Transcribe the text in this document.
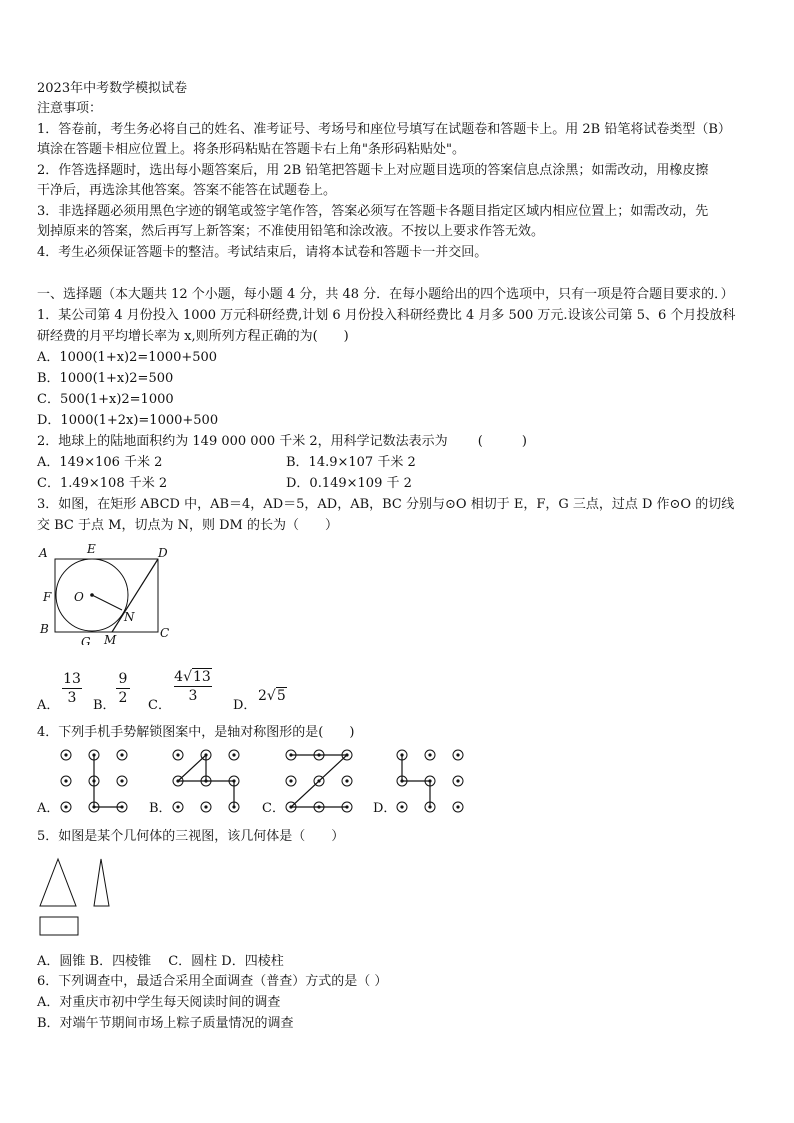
2023年中考数学模拟试卷
注意事项：
1．答卷前，考生务必将自己的姓名、准考证号、考场号和座位号填写在试题卷和答题卡上。用 2B 铅笔将试卷类型（B）
填涂在答题卡相应位置上。将条形码粘贴在答题卡右上角"条形码粘贴处"。
2．作答选择题时，选出每小题答案后，用 2B 铅笔把答题卡上对应题目选项的答案信息点涂黑；如需改动，用橡皮擦
干净后，再选涂其他答案。答案不能答在试题卷上。
3．非选择题必须用黑色字迹的钢笔或签字笔作答，答案必须写在答题卡各题目指定区域内相应位置上；如需改动，先
划掉原来的答案，然后再写上新答案；不准使用铅笔和涂改液。不按以上要求作答无效。
4．考生必须保证答题卡的整洁。考试结束后，请将本试卷和答题卡一并交回。
一、选择题（本大题共 12 个小题，每小题 4 分，共 48 分．在每小题给出的四个选项中，只有一项是符合题目要求的．）
1．某公司第 4 月份投入 1000 万元科研经费,计划 6 月份投入科研经费比 4 月多 500 万元.设该公司第 5、6 个月投放科
研经费的月平均增长率为 x,则所列方程正确的为(　　)
A．1000(1+x)2=1000+500
B．1000(1+x)2=500
C．500(1+x)2=1000
D．1000(1+2x)=1000+500
2．地球上的陆地面积约为 149 000 000 千米 2，用科学记数法表示为　　 (　　　)
A．149×106 千米 2	B．14.9×107 千米 2
C．1.49×108 千米 2	D．0.149×109 千 2
3．如图，在矩形 ABCD 中，AB＝4，AD＝5，AD，AB，BC 分别与⊙O 相切于 E，F，G 三点，过点 D 作⊙O 的切线
交 BC 于点 M，切点为 N，则 DM 的长为（　　）
A	E	D
F O
N
B
G M	C
A． $\frac{13}{3}$ B． $\frac{9}{2}$ C．
$\frac{4√13}{3}$
D．
2√5
4．下列手机手势解锁图案中，是轴对称图形的是(　　)
A．	B．	C．	D．
5．如图是某个几何体的三视图，该几何体是（　　）
A．圆锥 B．四棱锥　 C．圆柱 D．四棱柱
6．下列调查中，最适合采用全面调查（普查）方式的是（ ）
A．对重庆市初中学生每天阅读时间的调查
B．对端午节期间市场上粽子质量情况的调查
